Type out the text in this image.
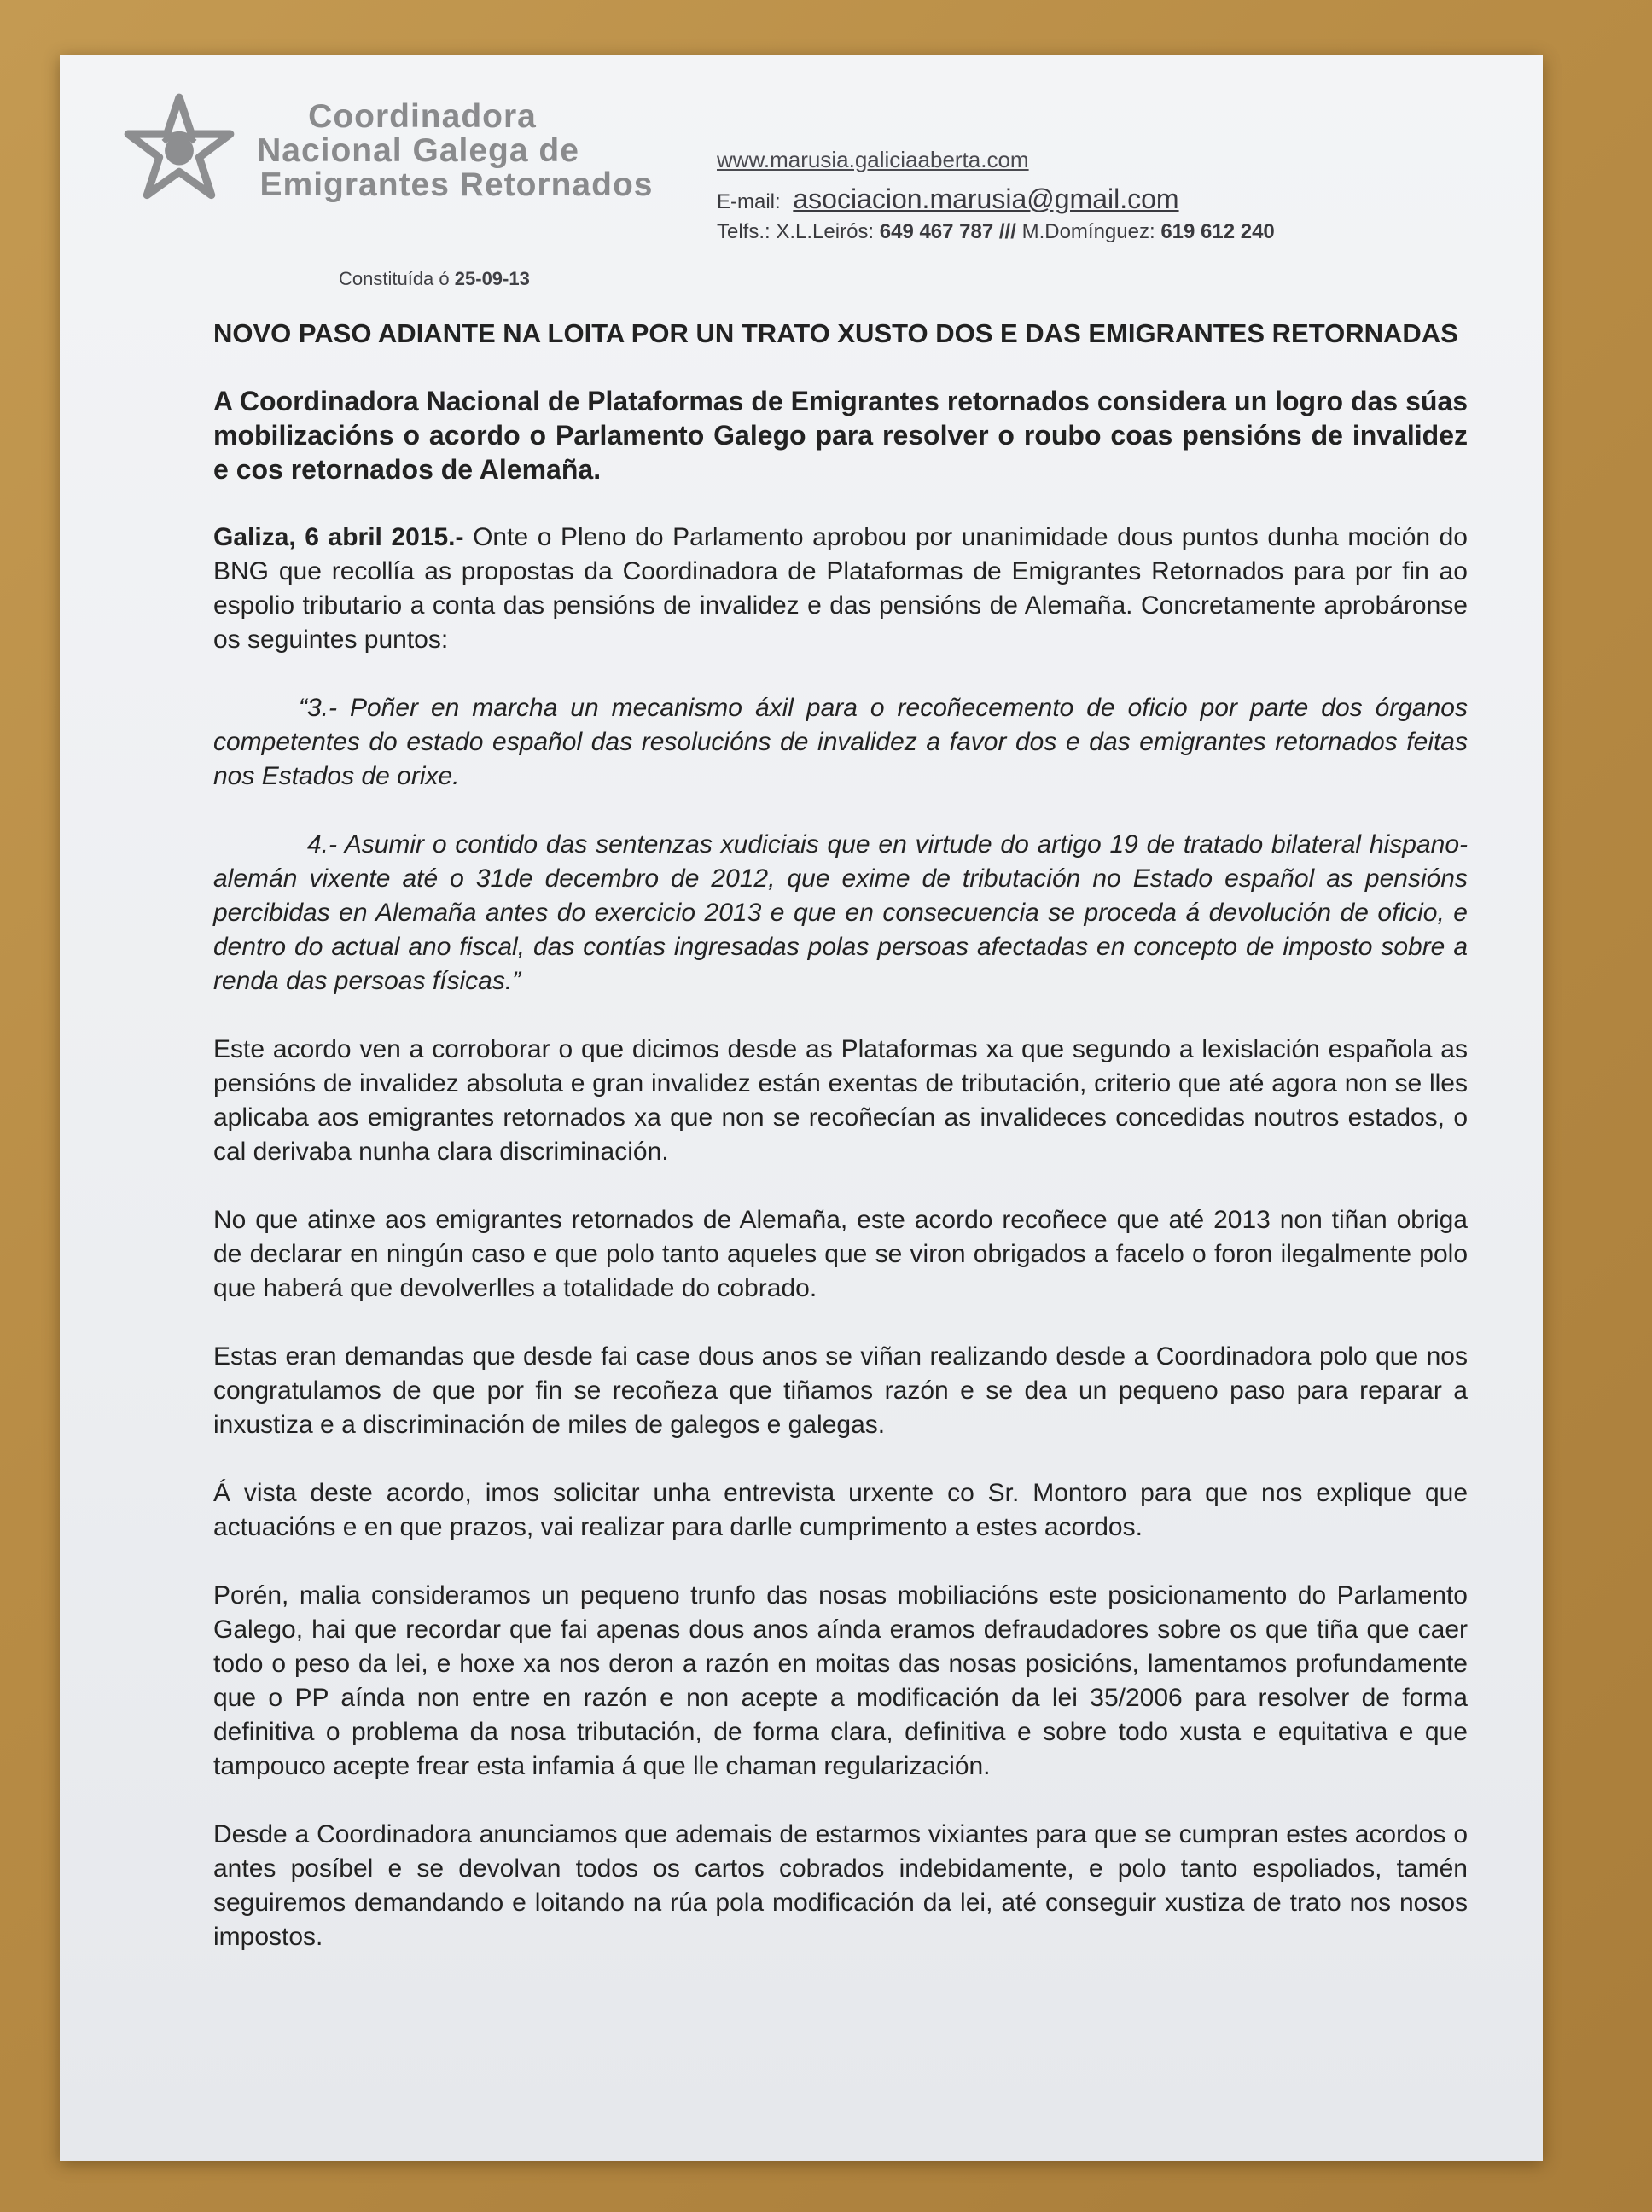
Coordinadora
Nacional Galega de
Emigrantes Retornados
Constituída ó 25-09-13
www.marusia.galiciaaberta.com
E-mail: asociacion.marusia@gmail.com
Telfs.: X.L.Leirós: 649 467 787 /// M.Domínguez: 619 612 240
NOVO PASO ADIANTE NA LOITA POR UN TRATO XUSTO DOS E DAS EMIGRANTES RETORNADAS
A Coordinadora Nacional de Plataformas de Emigrantes retornados considera un logro das súas mobilizacións o acordo o Parlamento Galego para resolver o roubo coas pensións de invalidez e cos retornados de Alemaña.

Galiza, 6 abril 2015.- Onte o Pleno do Parlamento aprobou por unanimidade dous puntos dunha moción do BNG que recollía as propostas da Coordinadora de Plataformas de Emigrantes Retornados para por fin ao espolio tributario a conta das pensións de invalidez e das pensións de Alemaña. Concretamente aprobáronse os seguintes puntos:

“3.- Poñer en marcha un mecanismo áxil para o recoñecemento de oficio por parte dos órganos competentes do estado español das resolucións de invalidez a favor dos e das emigrantes retornados feitas nos Estados de orixe.

4.- Asumir o contido das sentenzas xudiciais que en virtude do artigo 19 de tratado bilateral hispano-alemán vixente até o 31de decembro de 2012, que exime de tributación no Estado español as pensións percibidas en Alemaña antes do exercicio 2013 e que en consecuencia se proceda á devolución de oficio, e dentro do actual ano fiscal, das contías ingresadas polas persoas afectadas en concepto de imposto sobre a renda das persoas físicas.”

Este acordo ven a corroborar o que dicimos desde as Plataformas xa que segundo a lexislación española as pensións de invalidez absoluta e gran invalidez están exentas de tributación, criterio que até agora non se lles aplicaba aos emigrantes retornados xa que non se recoñecían as invalideces concedidas noutros estados, o cal derivaba nunha clara discriminación.

No que atinxe aos emigrantes retornados de Alemaña, este acordo recoñece que até 2013 non tiñan obriga de declarar en ningún caso e que polo tanto aqueles que se viron obrigados a facelo o foron ilegalmente polo que haberá que devolverlles a totalidade do cobrado.

Estas eran demandas que desde fai case dous anos se viñan realizando desde a Coordinadora polo que nos congratulamos de que por fin se recoñeza que tiñamos razón e se dea un pequeno paso para reparar a inxustiza e a discriminación de miles de galegos e galegas.

Á vista deste acordo, imos solicitar unha entrevista urxente co Sr. Montoro para que nos explique que actuacións e en que prazos, vai realizar para darlle cumprimento a estes acordos.

Porén, malia consideramos un pequeno trunfo das nosas mobiliacións este posicionamento do Parlamento Galego, hai que recordar que fai apenas dous anos aínda eramos defraudadores sobre os que tiña que caer todo o peso da lei, e hoxe xa nos deron a razón en moitas das nosas posicións, lamentamos profundamente que o PP aínda non entre en razón e non acepte a modificación da lei 35/2006 para resolver de forma definitiva o problema da nosa tributación, de forma clara, definitiva e sobre todo xusta e equitativa e que tampouco acepte frear esta infamia á que lle chaman regularización.

Desde a Coordinadora anunciamos que ademais de estarmos vixiantes para que se cumpran estes acordos o antes posíbel e se devolvan todos os cartos cobrados indebidamente, e polo tanto espoliados, tamén seguiremos demandando e loitando na rúa pola modificación da lei, até conseguir xustiza de trato nos nosos impostos.
